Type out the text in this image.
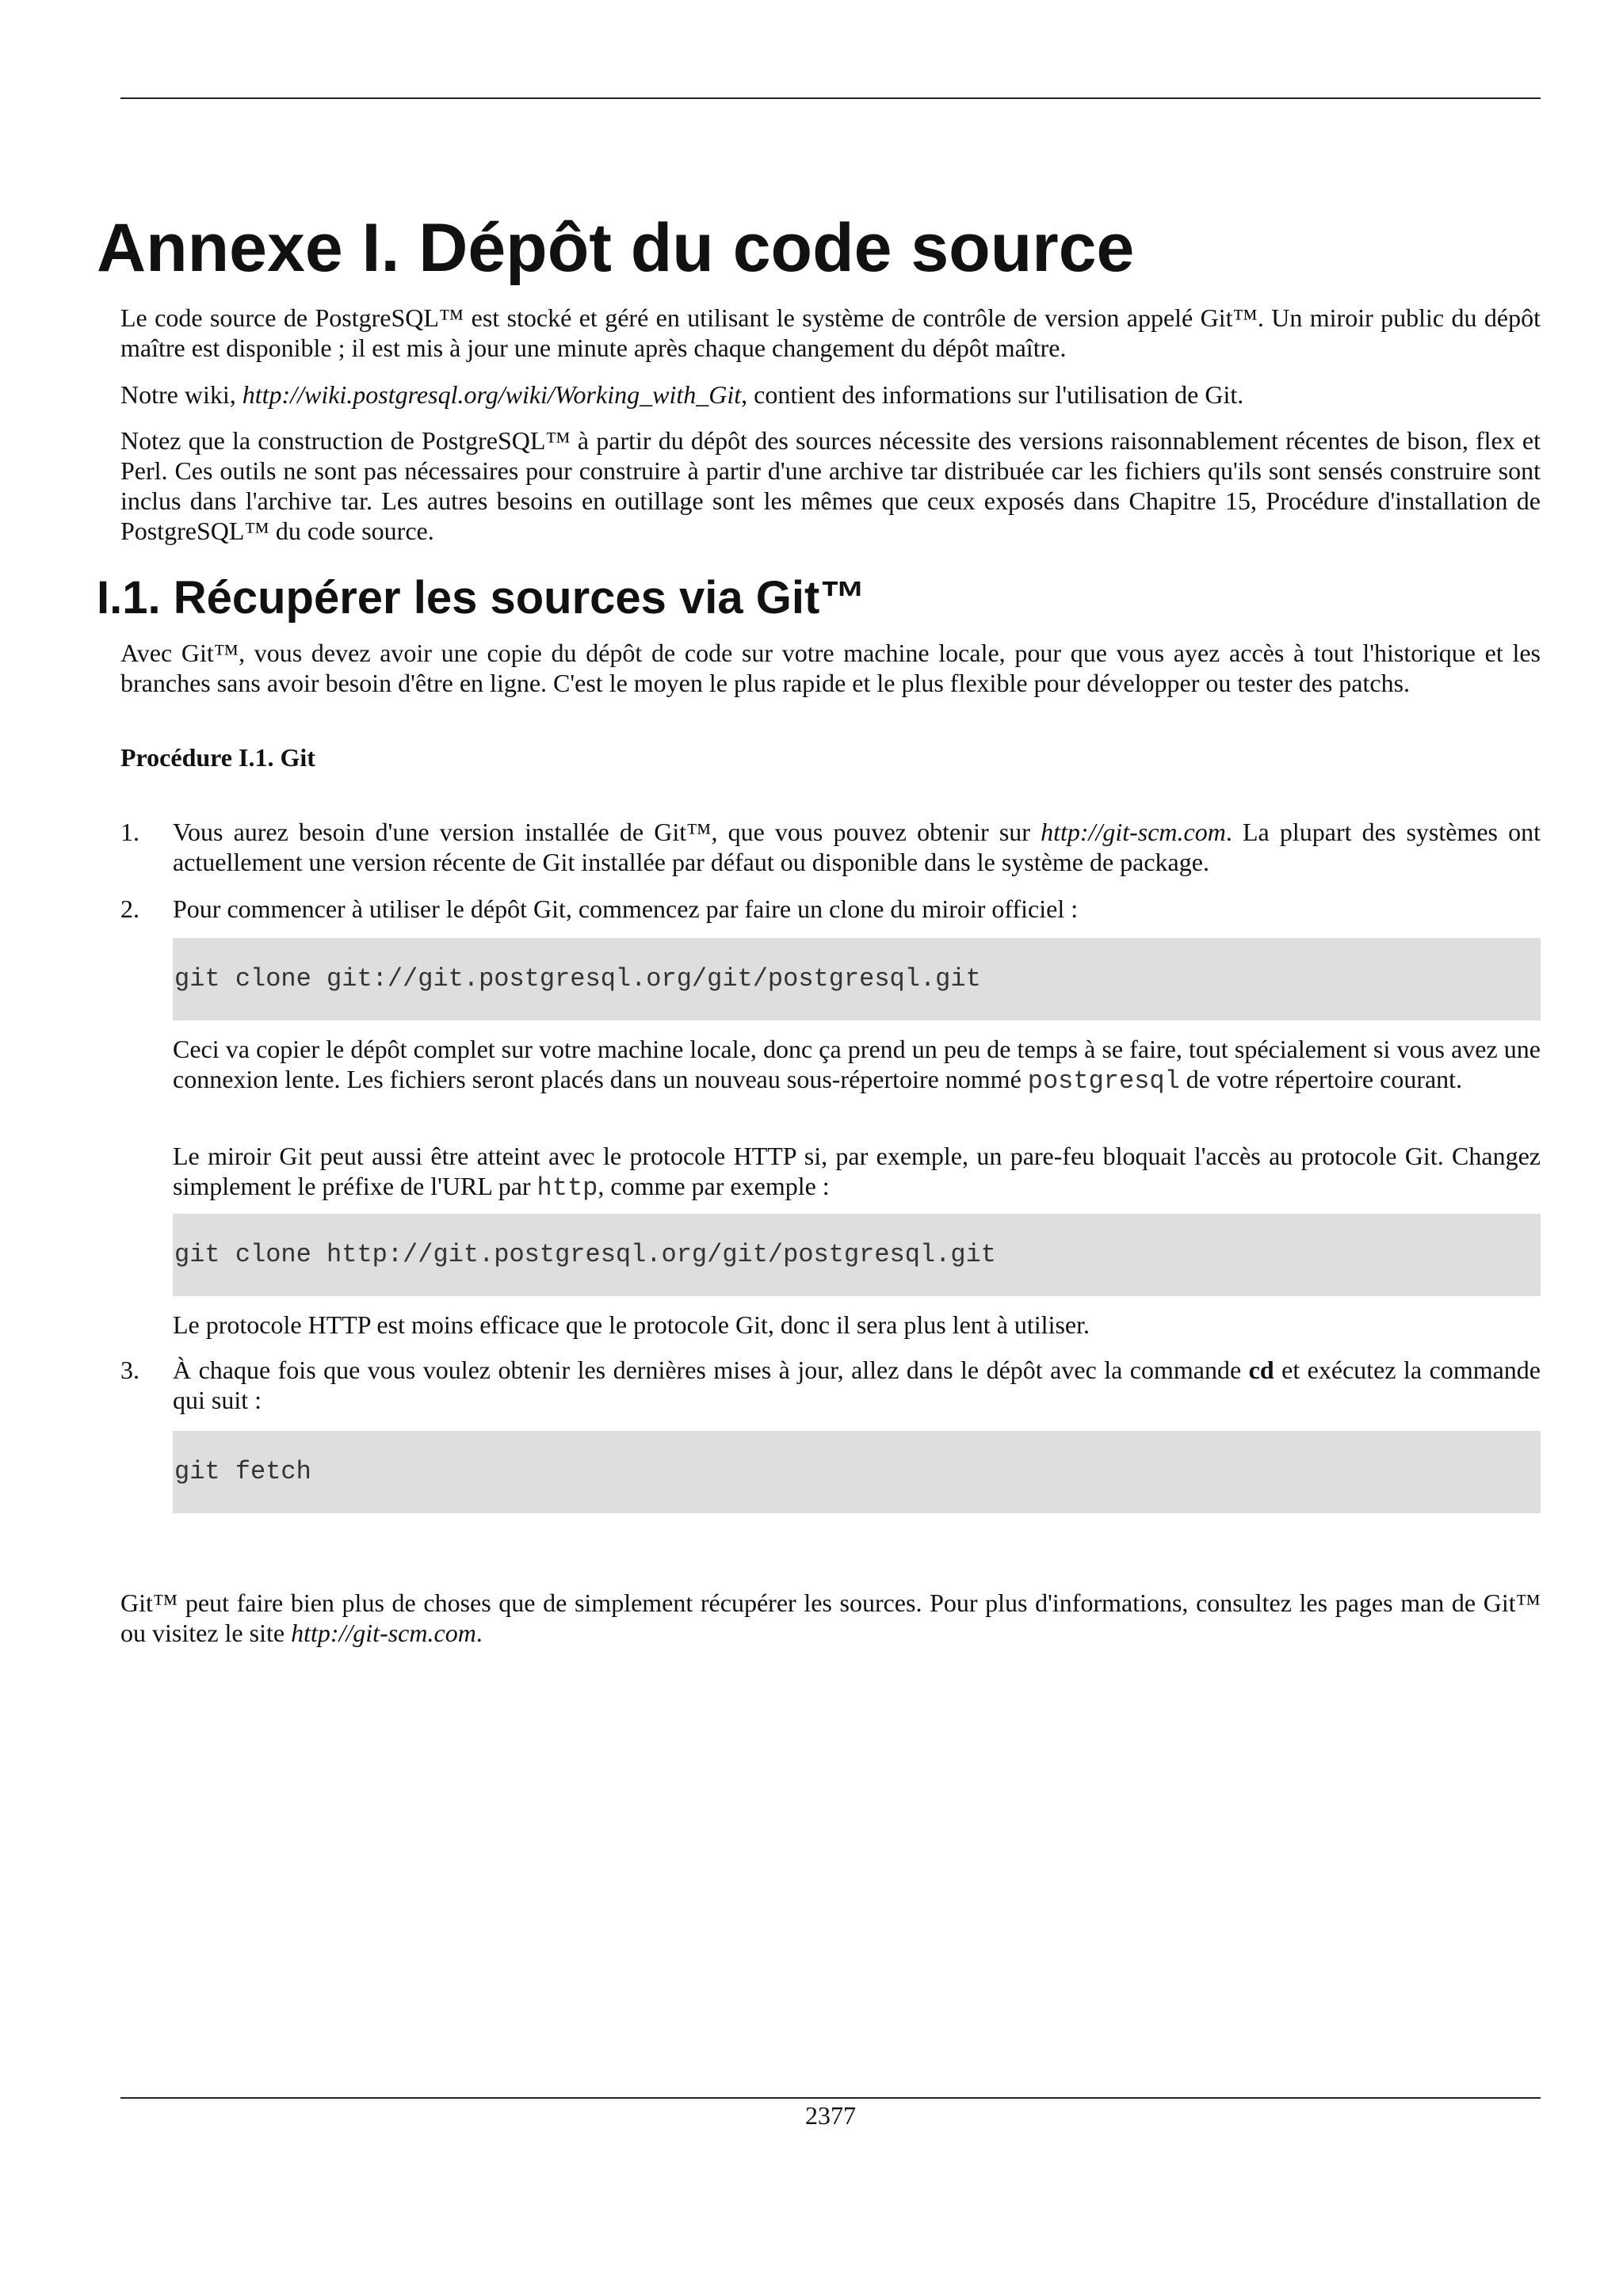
Annexe I. Dépôt du code source

Le code source de PostgreSQL™ est stocké et géré en utilisant le système de contrôle de version appelé Git™. Un miroir public du dépôt maître est disponible ; il est mis à jour une minute après chaque changement du dépôt maître.

Notre wiki, http://wiki.postgresql.org/wiki/Working_with_Git, contient des informations sur l'utilisation de Git.

Notez que la construction de PostgreSQL™ à partir du dépôt des sources nécessite des versions raisonnablement récentes de bison, flex et Perl. Ces outils ne sont pas nécessaires pour construire à partir d'une archive tar distribuée car les fichiers qu'ils sont sensés construire sont inclus dans l'archive tar. Les autres besoins en outillage sont les mêmes que ceux exposés dans Chapitre 15, Procédure d'installation de PostgreSQL™ du code source.

I.1. Récupérer les sources via Git™

Avec Git™, vous devez avoir une copie du dépôt de code sur votre machine locale, pour que vous ayez accès à tout l'historique et les branches sans avoir besoin d'être en ligne. C'est le moyen le plus rapide et le plus flexible pour développer ou tester des patchs.

Procédure I.1. Git

1. Vous aurez besoin d'une version installée de Git™, que vous pouvez obtenir sur http://git-scm.com. La plupart des systèmes ont actuellement une version récente de Git installée par défaut ou disponible dans le système de package.

2. Pour commencer à utiliser le dépôt Git, commencez par faire un clone du miroir officiel :

git clone git://git.postgresql.org/git/postgresql.git

Ceci va copier le dépôt complet sur votre machine locale, donc ça prend un peu de temps à se faire, tout spécialement si vous avez une connexion lente. Les fichiers seront placés dans un nouveau sous-répertoire nommé postgresql de votre répertoire courant.

Le miroir Git peut aussi être atteint avec le protocole HTTP si, par exemple, un pare-feu bloquait l'accès au protocole Git. Changez simplement le préfixe de l'URL par http, comme par exemple :

git clone http://git.postgresql.org/git/postgresql.git

Le protocole HTTP est moins efficace que le protocole Git, donc il sera plus lent à utiliser.

3. À chaque fois que vous voulez obtenir les dernières mises à jour, allez dans le dépôt avec la commande cd et exécutez la commande qui suit :

git fetch

Git™ peut faire bien plus de choses que de simplement récupérer les sources. Pour plus d'informations, consultez les pages man de Git™ ou visitez le site http://git-scm.com.

2377
